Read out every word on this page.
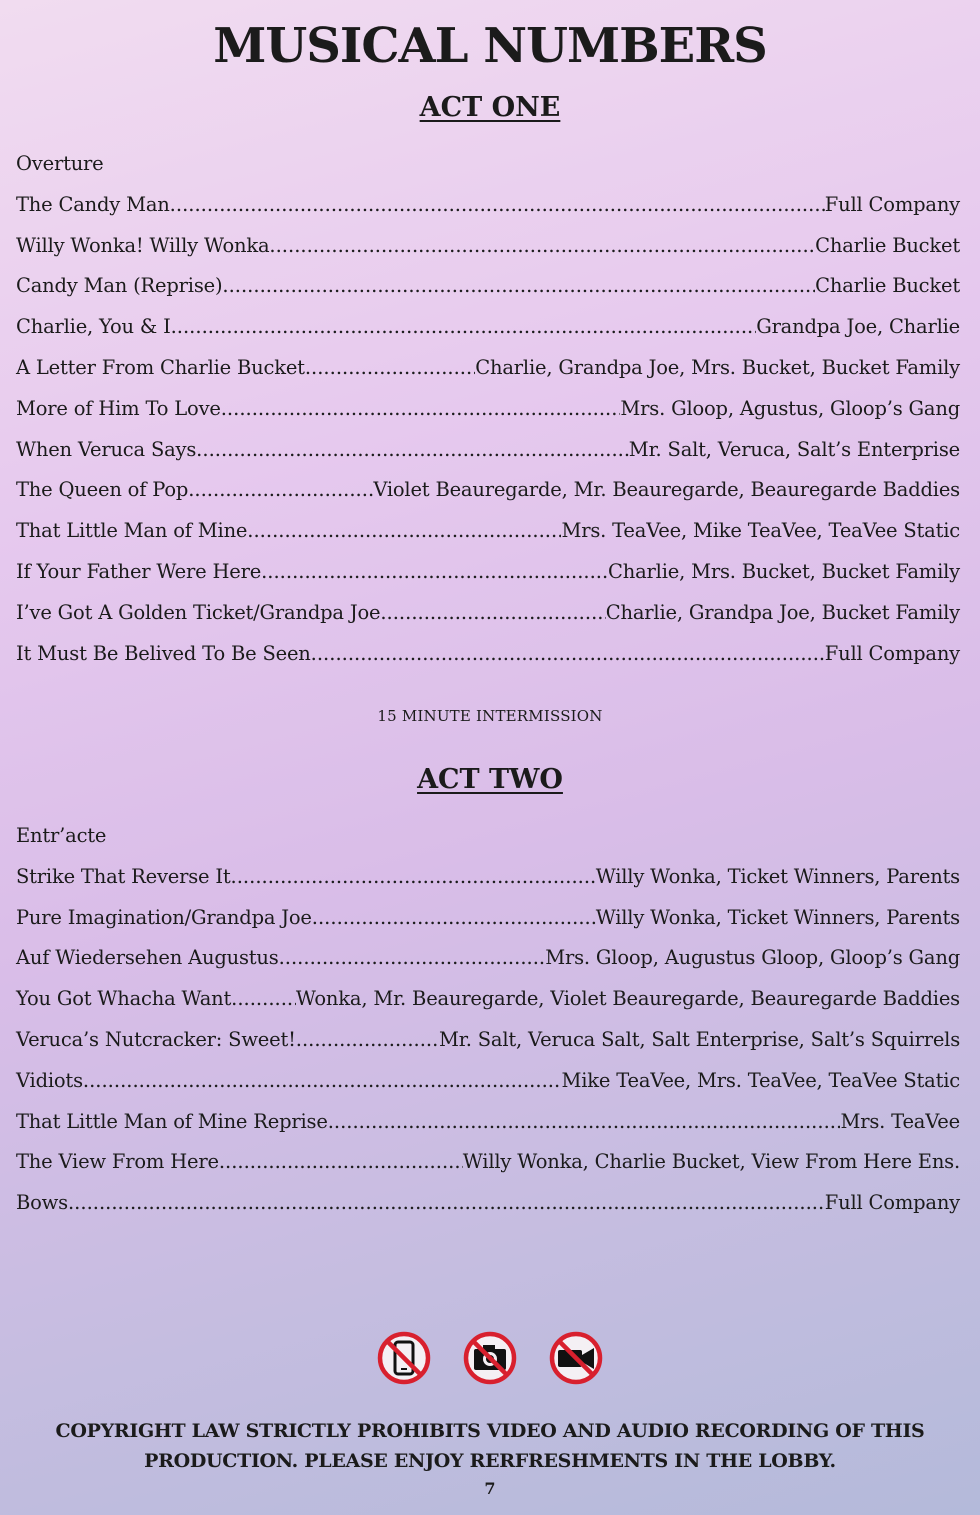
MUSICAL NUMBERS
ACT ONE
Overture
The Candy Man .....	Full Company
Willy Wonka! Willy Wonka .....	Charlie Bucket
Candy Man (Reprise) .....	Charlie Bucket
Charlie, You & I .....	Grandpa Joe, Charlie
A Letter From Charlie Bucket .....	Charlie, Grandpa Joe, Mrs. Bucket, Bucket Family
More of Him To Love .....	Mrs. Gloop, Agustus, Gloop’s Gang
When Veruca Says .....	Mr. Salt, Veruca, Salt’s Enterprise
The Queen of Pop .....	Violet Beauregarde, Mr. Beauregarde, Beauregarde Baddies
That Little Man of Mine .....	Mrs. TeaVee, Mike TeaVee, TeaVee Static
If Your Father Were Here .....	Charlie, Mrs. Bucket, Bucket Family
I’ve Got A Golden Ticket/Grandpa Joe .....	Charlie, Grandpa Joe, Bucket Family
It Must Be Belived To Be Seen .....	Full Company
15 MINUTE INTERMISSION
ACT TWO
Entr’acte
Strike That Reverse It .....	Willy Wonka, Ticket Winners, Parents
Pure Imagination/Grandpa Joe .....	Willy Wonka, Ticket Winners, Parents
Auf Wiedersehen Augustus .....	Mrs. Gloop, Augustus Gloop, Gloop’s Gang
You Got Whacha Want .....	Wonka, Mr. Beauregarde, Violet Beauregarde, Beauregarde Baddies
Veruca’s Nutcracker: Sweet! .....	Mr. Salt, Veruca Salt, Salt Enterprise, Salt’s Squirrels
Vidiots .....	Mike TeaVee, Mrs. TeaVee, TeaVee Static
That Little Man of Mine Reprise .....	Mrs. TeaVee
The View From Here .....	Willy Wonka, Charlie Bucket, View From Here Ens.
Bows .....	Full Company

COPYRIGHT LAW STRICTLY PROHIBITS VIDEO AND AUDIO RECORDING OF THIS
PRODUCTION. PLEASE ENJOY RERFRESHMENTS IN THE LOBBY.

7
